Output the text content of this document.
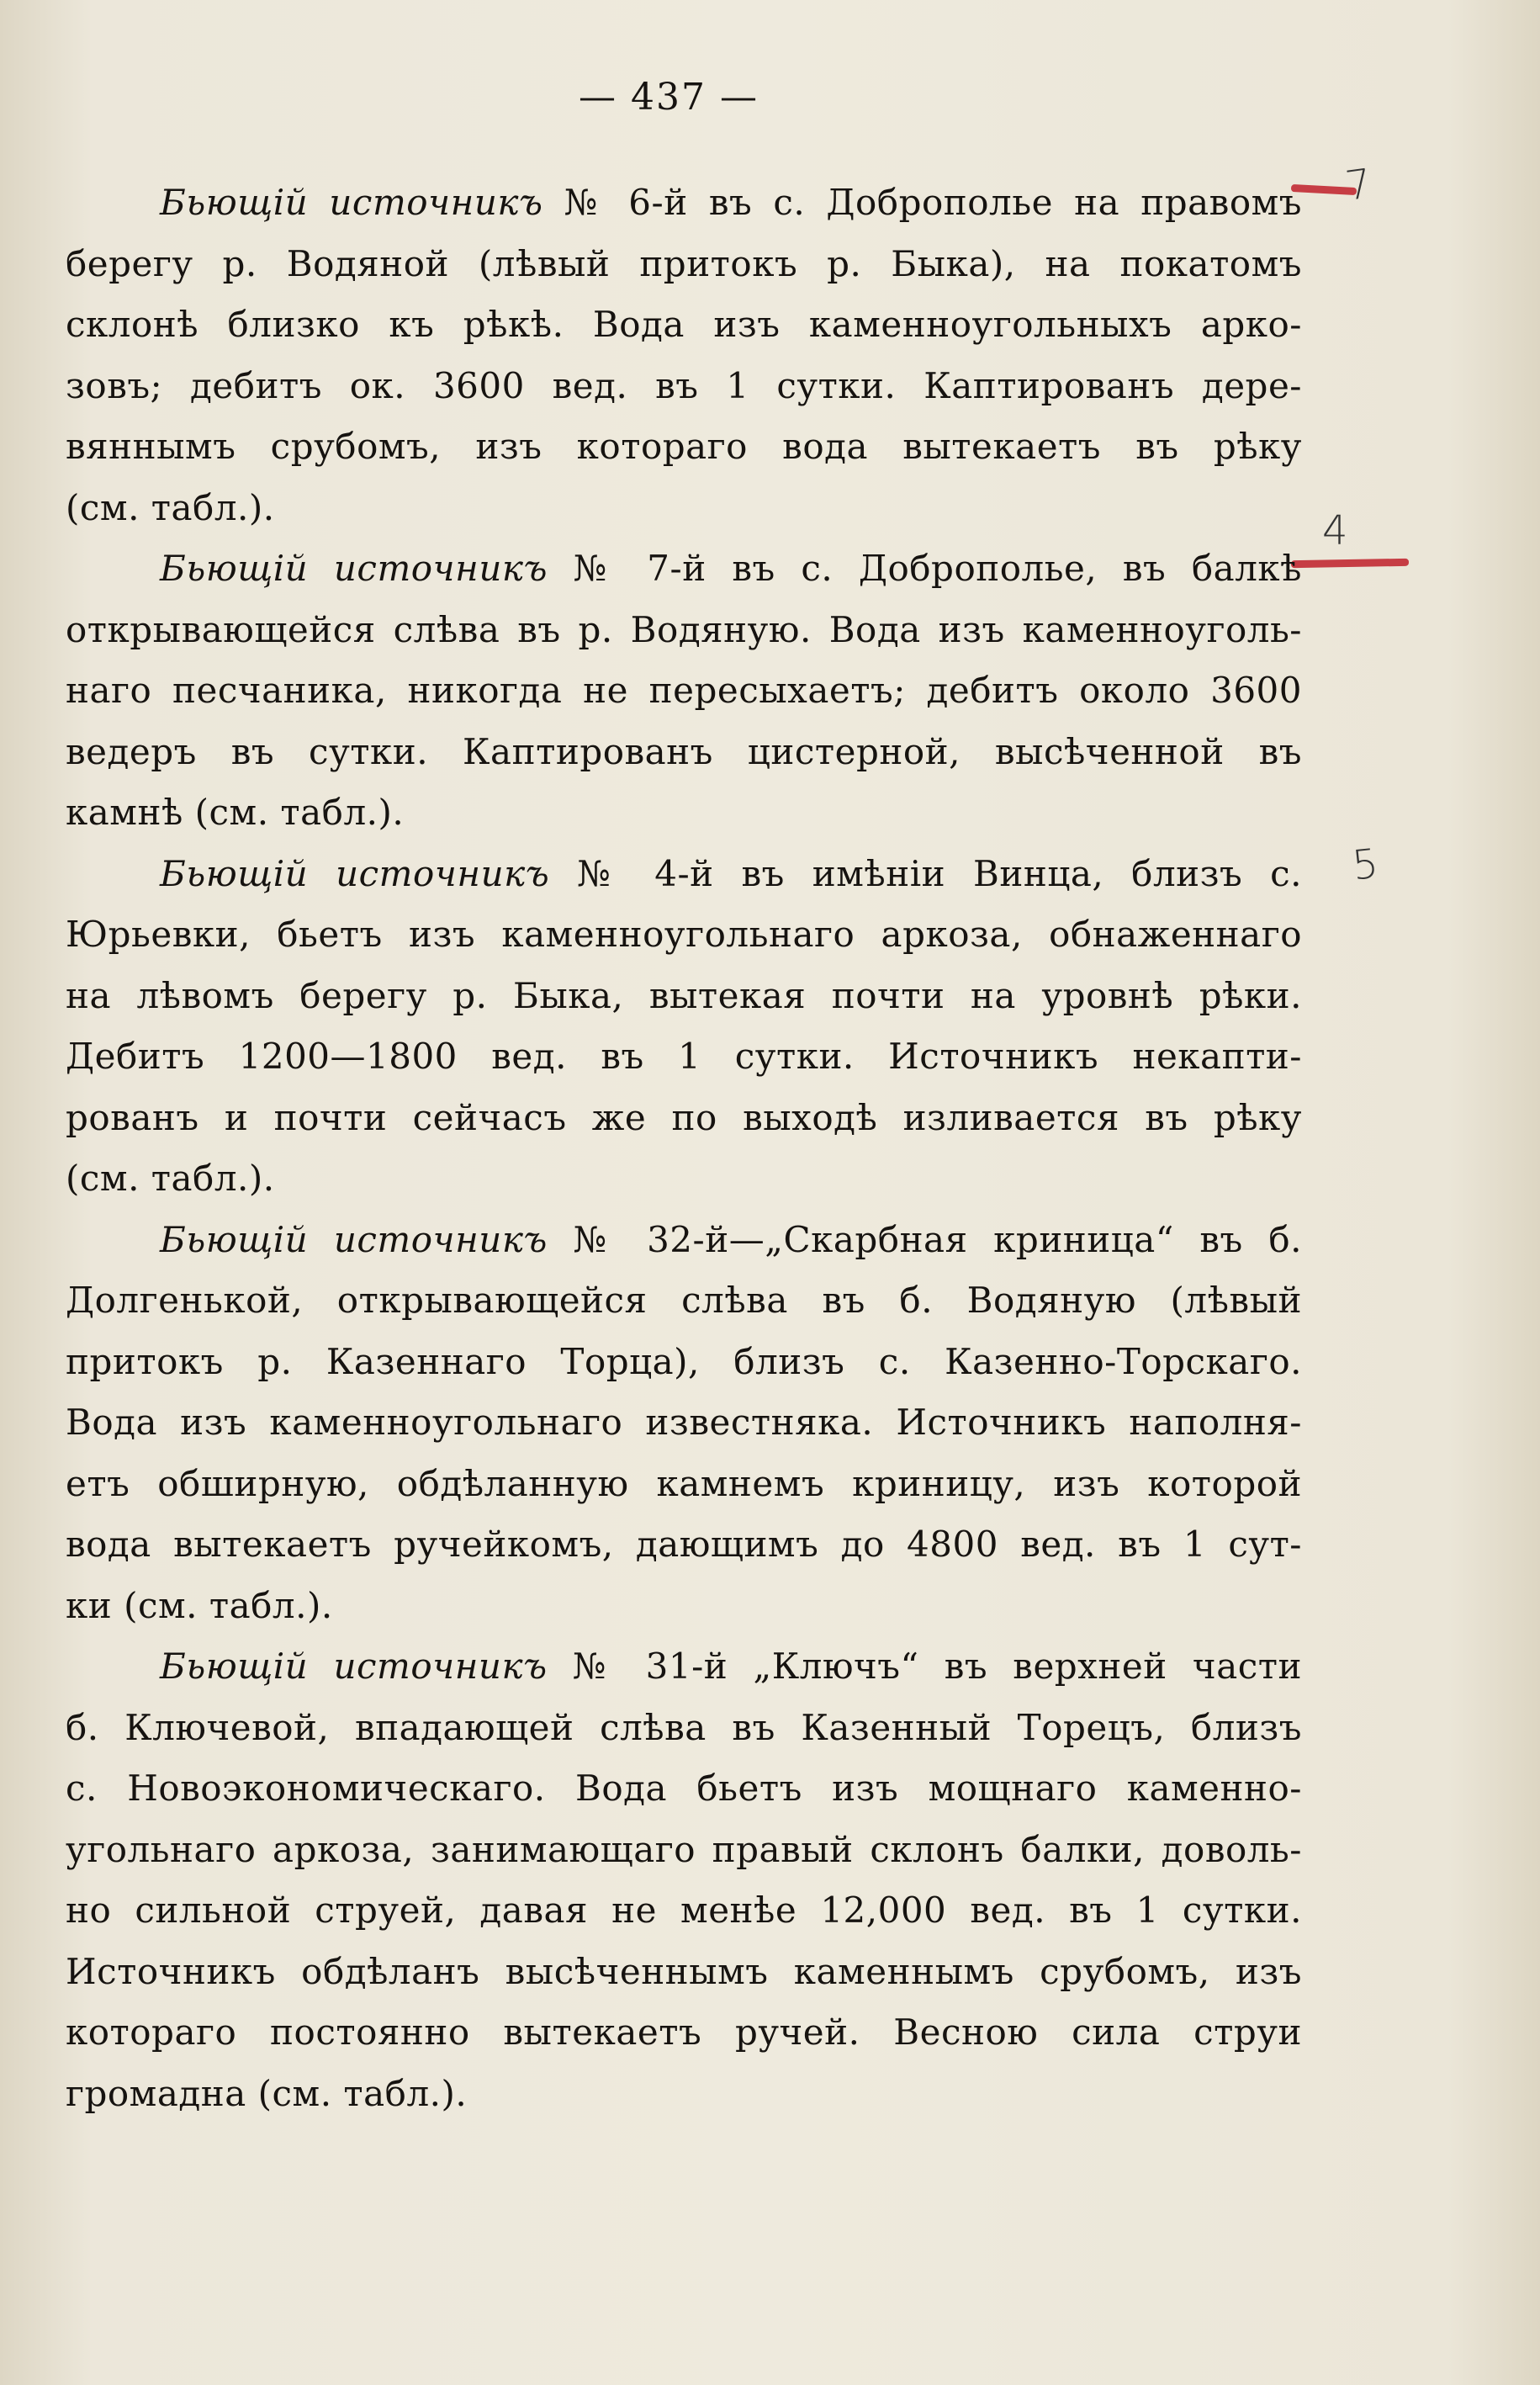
— 437 —
7
4
5
Бьющій источникъ № 6-й въ с. Доброполье на правомъ
берегу р. Водяной (лѣвый притокъ р. Быка), на покатомъ
склонѣ близко къ рѣкѣ. Вода изъ каменноугольныхъ арко-
зовъ; дебитъ ок. 3600 вед. въ 1 сутки. Каптированъ дере-
вяннымъ срубомъ, изъ котораго вода вытекаетъ въ рѣку
(см. табл.).
Бьющій источникъ № 7-й въ с. Доброполье, въ балкѣ
открывающейся слѣва въ р. Водяную. Вода изъ каменноуголь-
наго песчаника, никогда не пересыхаетъ; дебитъ около 3600
ведеръ въ сутки. Каптированъ цистерной, высѣченной въ
камнѣ (см. табл.).
Бьющій источникъ № 4-й въ имѣніи Винца, близъ с.
Юрьевки, бьетъ изъ каменноугольнаго аркоза, обнаженнаго
на лѣвомъ берегу р. Быка, вытекая почти на уровнѣ рѣки.
Дебитъ 1200—1800 вед. въ 1 сутки. Источникъ некапти-
рованъ и почти сейчасъ же по выходѣ изливается въ рѣку
(см. табл.).
Бьющій источникъ № 32-й—„Скарбная криница“ въ б.
Долгенькой, открывающейся слѣва въ б. Водяную (лѣвый
притокъ р. Казеннаго Торца), близъ с. Казенно-Торскаго.
Вода изъ каменноугольнаго известняка. Источникъ наполня-
етъ обширную, обдѣланную камнемъ криницу, изъ которой
вода вытекаетъ ручейкомъ, дающимъ до 4800 вед. въ 1 сут-
ки (см. табл.).
Бьющій источникъ № 31-й „Ключъ“ въ верхней части
б. Ключевой, впадающей слѣва въ Казенный Торецъ, близъ
с. Новоэкономическаго. Вода бьетъ изъ мощнаго каменно-
угольнаго аркоза, занимающаго правый склонъ балки, доволь-
но сильной струей, давая не менѣе 12,000 вед. въ 1 сутки.
Источникъ обдѣланъ высѣченнымъ каменнымъ срубомъ, изъ
котораго постоянно вытекаетъ ручей. Весною сила струи
громадна (см. табл.).
